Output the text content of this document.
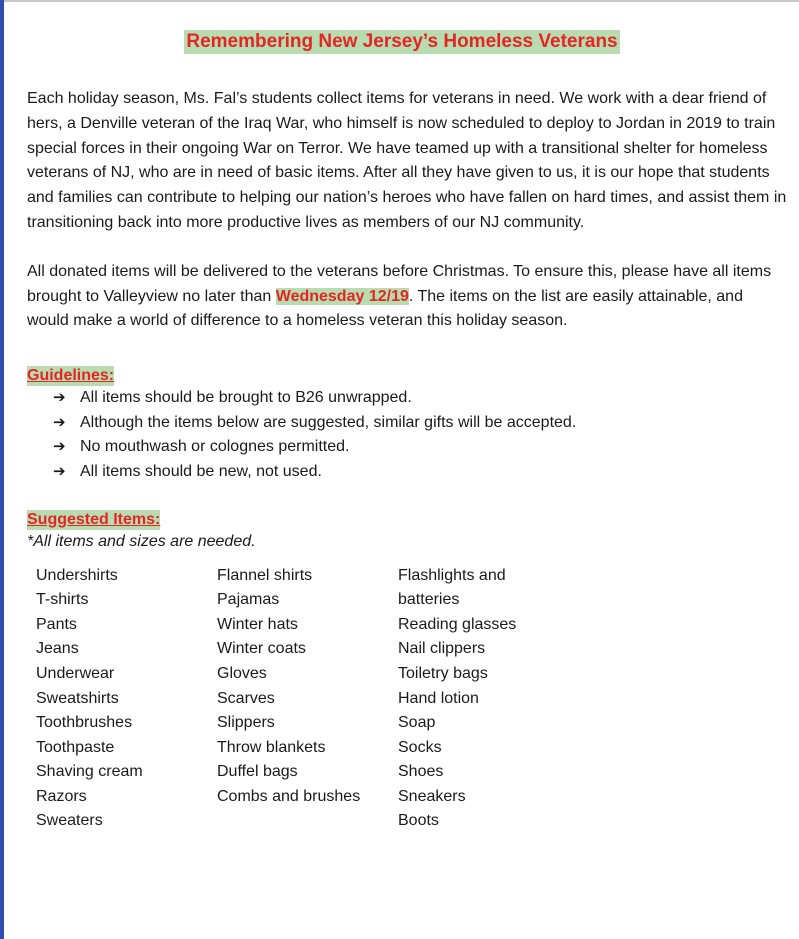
Remembering New Jersey’s Homeless Veterans

Each holiday season, Ms. Fal’s students collect items for veterans in need. We work with a dear friend of hers, a Denville veteran of the Iraq War, who himself is now scheduled to deploy to Jordan in 2019 to train special forces in their ongoing War on Terror. We have teamed up with a transitional shelter for homeless veterans of NJ, who are in need of basic items. After all they have given to us, it is our hope that students and families can contribute to helping our nation’s heroes who have fallen on hard times, and assist them in transitioning back into more productive lives as members of our NJ community.

All donated items will be delivered to the veterans before Christmas. To ensure this, please have all items brought to Valleyview no later than Wednesday 12/19. The items on the list are easily attainable, and would make a world of difference to a homeless veteran this holiday season.

Guidelines:
➔ All items should be brought to B26 unwrapped.
➔ Although the items below are suggested, similar gifts will be accepted.
➔ No mouthwash or colognes permitted.
➔ All items should be new, not used.
Suggested Items:
*All items and sizes are needed.
Undershirts
T-shirts
Pants
Jeans
Underwear
Sweatshirts
Toothbrushes
Toothpaste
Shaving cream
Razors
Sweaters
Flannel shirts
Pajamas
Winter hats
Winter coats
Gloves
Scarves
Slippers
Throw blankets
Duffel bags
Combs and brushes
Flashlights and
batteries
Reading glasses
Nail clippers
Toiletry bags
Hand lotion
Soap
Socks
Shoes
Sneakers
Boots
